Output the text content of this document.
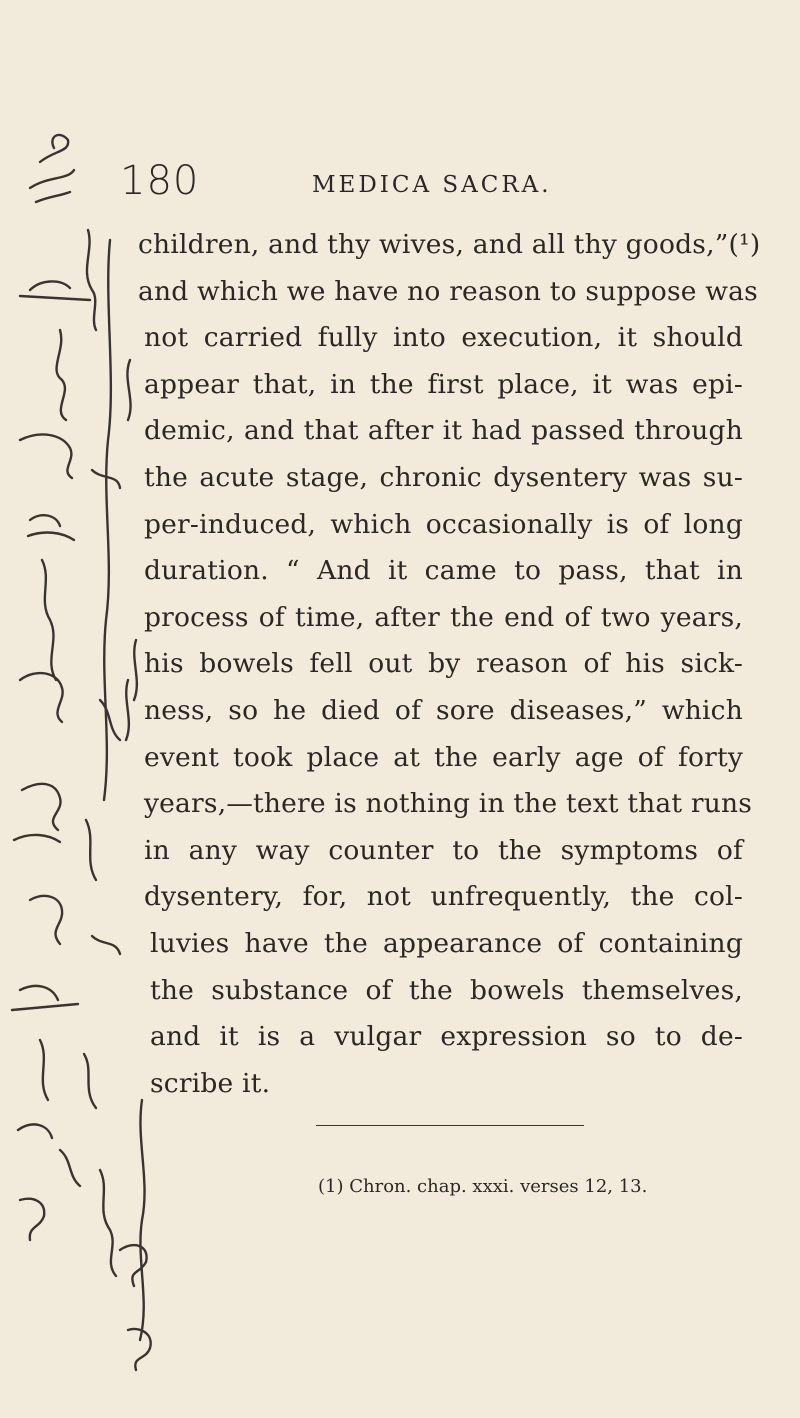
180	MEDICA SACRA.
children, and thy wives, and all thy goods,”(¹)
and which we have no reason to suppose was
not carried fully into execution, it should
appear that, in the first place, it was epi-
demic, and that after it had passed through
the acute stage, chronic dysentery was su-
per-induced, which occasionally is of long
duration. “ And it came to pass, that in
process of time, after the end of two years,
his bowels fell out by reason of his sick-
ness, so he died of sore diseases,” which
event took place at the early age of forty
years,—there is nothing in the text that runs
in any way counter to the symptoms of
dysentery, for, not unfrequently, the col-
luvies have the appearance of containing
the substance of the bowels themselves,
and it is a vulgar expression so to de-
scribe it.
(1) Chron. chap. xxxi. verses 12, 13.
